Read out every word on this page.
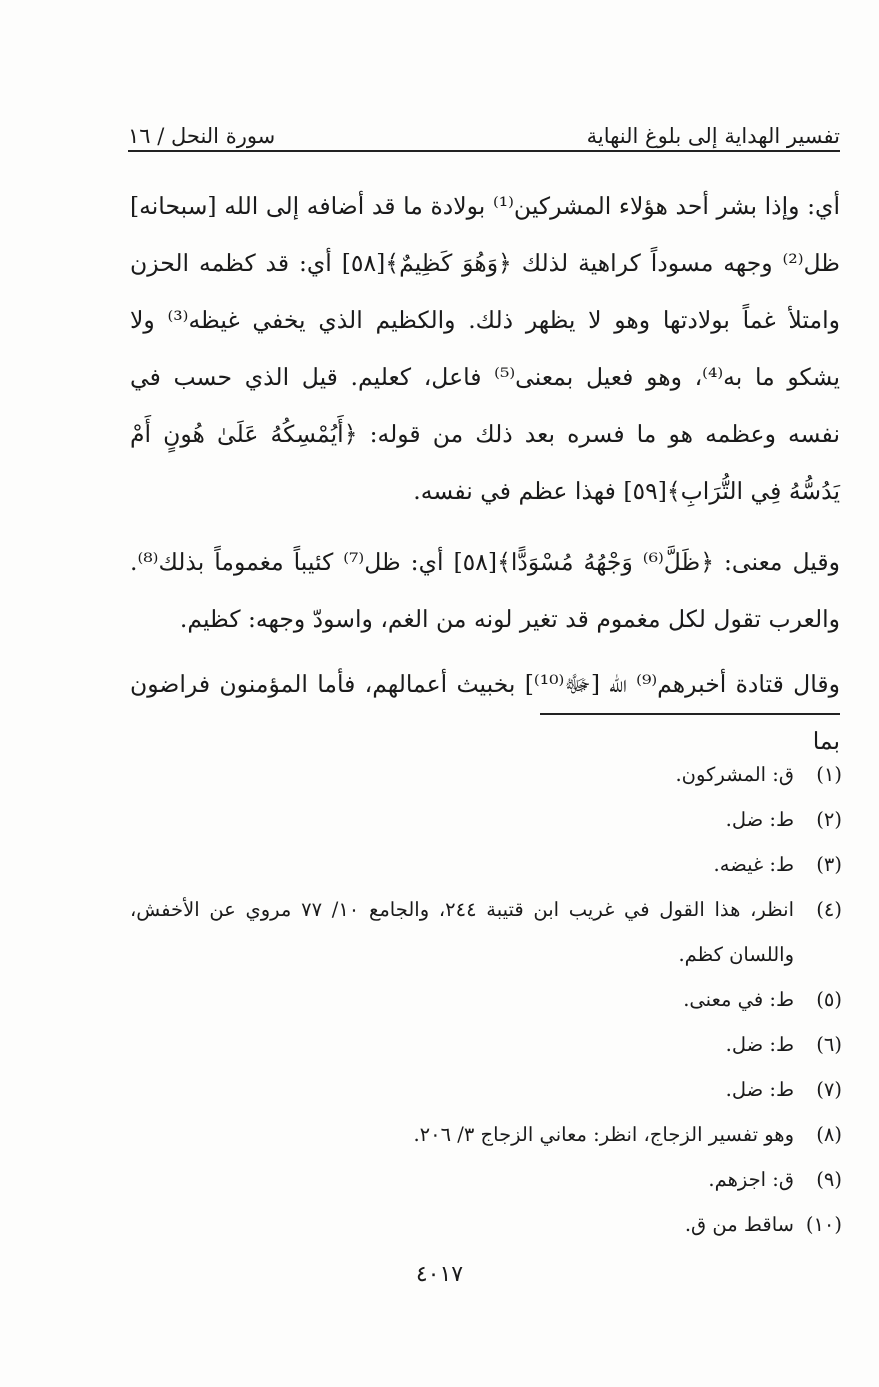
تفسير الهداية إلى بلوغ النهاية
سورة النحل / ١٦

أي: وإذا بشر أحد هؤلاء المشركين⁽¹⁾ بولادة ما قد أضافه إلى الله [سبحانه] ظل⁽²⁾ وجهه مسوداً كراهية لذلك ﴿وَهُوَ كَظِيمٌ﴾[٥٨] أي: قد كظمه الحزن وامتلأ غماً بولادتها وهو لا يظهر ذلك. والكظيم الذي يخفي غيظه⁽³⁾ ولا يشكو ما به⁽⁴⁾، وهو فعيل بمعنى⁽⁵⁾ فاعل، كعليم. قيل الذي حسب في نفسه وعظمه هو ما فسره بعد ذلك من قوله: ﴿أَيُمْسِكُهُ عَلَىٰ هُونٍ أَمْ يَدُسُّهُ فِي التُّرَابِ﴾[٥٩] فهذا عظم في نفسه.

وقيل معنى: ﴿ظَلَّ⁽⁶⁾ وَجْهُهُ مُسْوَدًّا﴾[٥٨] أي: ظل⁽⁷⁾ كئيباً مغموماً بذلك⁽⁸⁾. والعرب تقول لكل مغموم قد تغير لونه من الغم، واسودّ وجهه: كظيم.

وقال قتادة أخبرهم⁽⁹⁾ الله [ﷻ⁽¹⁰⁾] بخبيث أعمالهم، فأما المؤمنون فراضون بما

(١)
ق: المشركون.
(٢)
ط: ضل.
(٣)
ط: غيضه.
(٤)
انظر، هذا القول في غريب ابن قتيبة ٢٤٤، والجامع ١٠/ ٧٧ مروي عن الأخفش، واللسان كظم.
(٥)
ط: في معنى.
(٦)
ط: ضل.
(٧)
ط: ضل.
(٨)
وهو تفسير الزجاج، انظر: معاني الزجاج ٣/ ٢٠٦.
(٩)
ق: اجزهم.
(١٠)
ساقط من ق.
٤٠١٧
